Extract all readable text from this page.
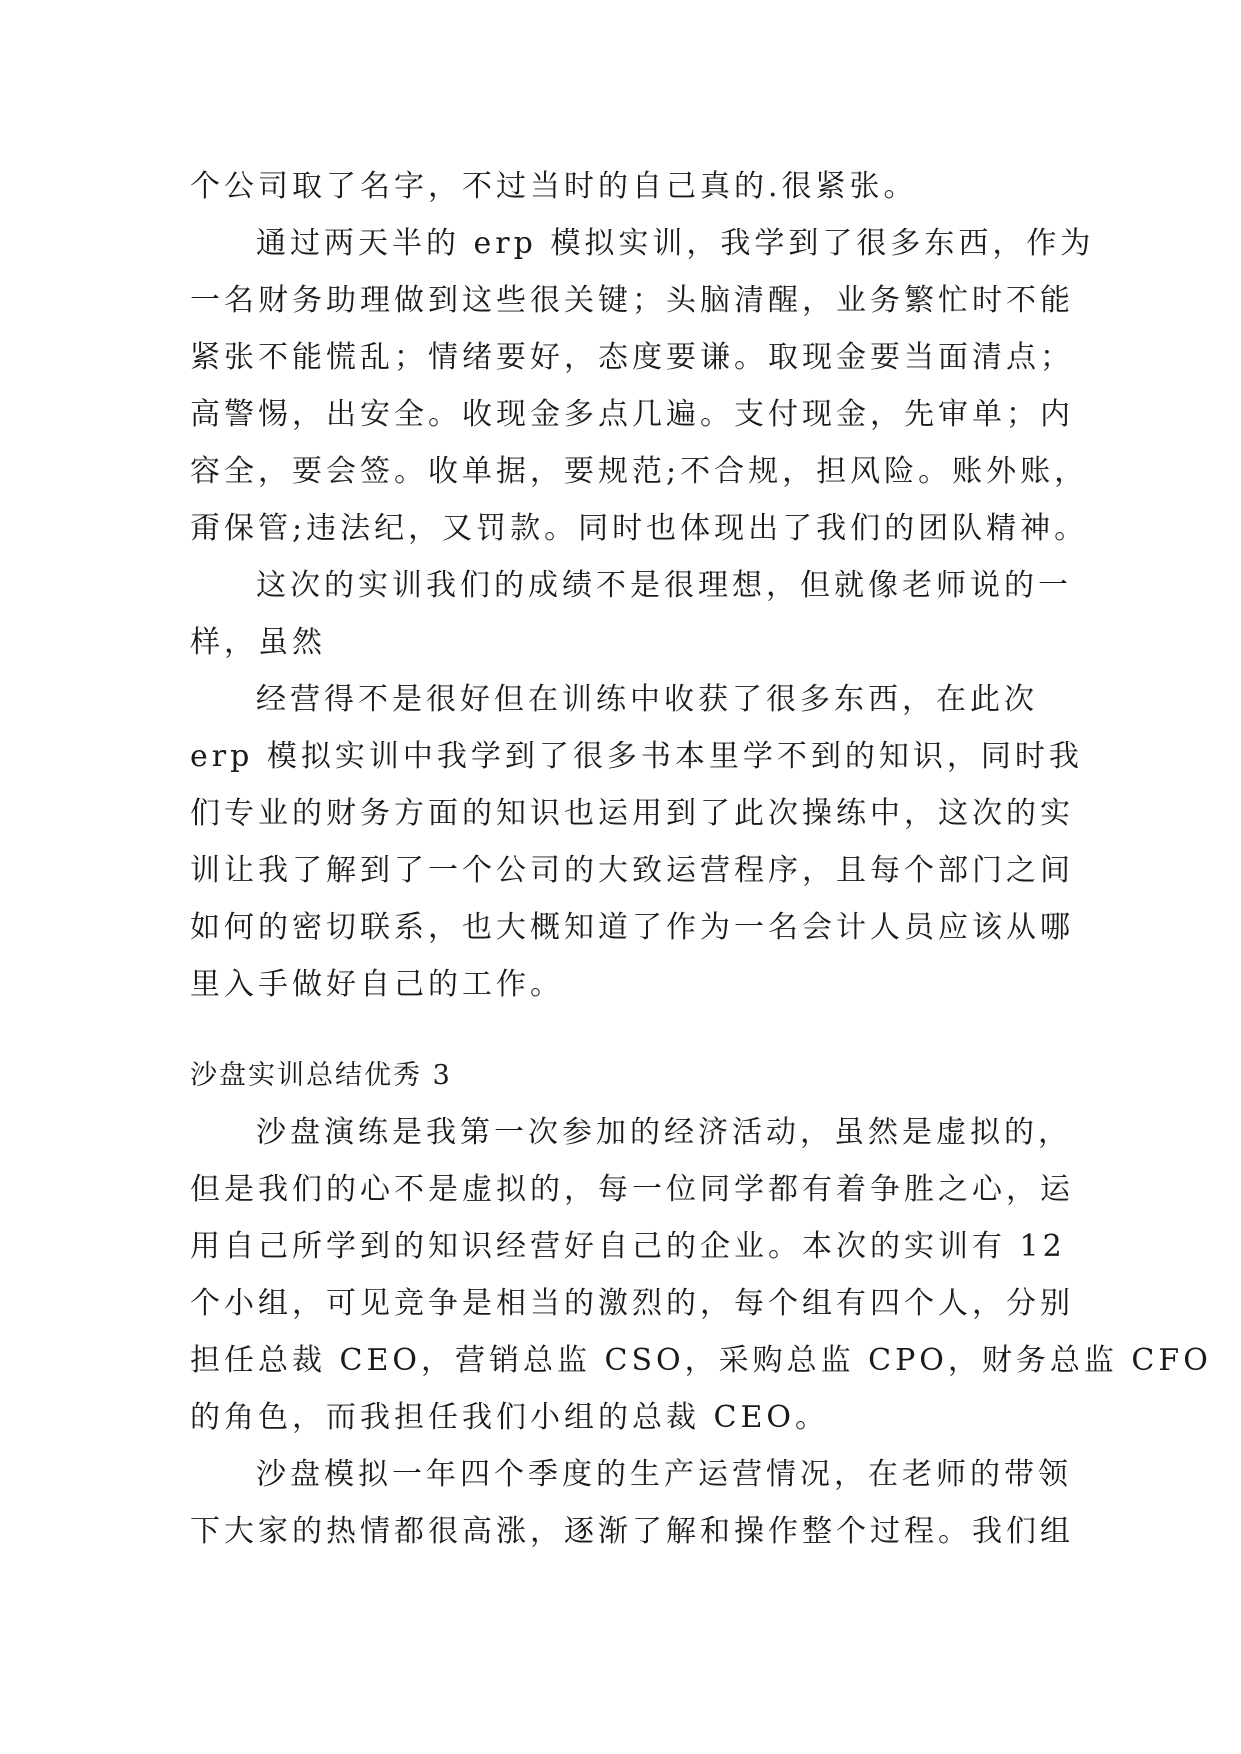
个公司取了名字，不过当时的自己真的.很紧张。
通过两天半的 erp 模拟实训，我学到了很多东西，作为
一名财务助理做到这些很关键；头脑清醒，业务繁忙时不能
紧张不能慌乱；情绪要好，态度要谦。取现金要当面清点；
高警惕，出安全。收现金多点几遍。支付现金，先审单；内
容全，要会签。收单据，要规范;不合规，担风险。账外账，
甭保管;违法纪，又罚款。同时也体现出了我们的团队精神。
这次的实训我们的成绩不是很理想，但就像老师说的一
样，虽然
经营得不是很好但在训练中收获了很多东西，在此次
erp 模拟实训中我学到了很多书本里学不到的知识，同时我
们专业的财务方面的知识也运用到了此次操练中，这次的实
训让我了解到了一个公司的大致运营程序，且每个部门之间
如何的密切联系，也大概知道了作为一名会计人员应该从哪
里入手做好自己的工作。
沙盘实训总结优秀 3
沙盘演练是我第一次参加的经济活动，虽然是虚拟的，
但是我们的心不是虚拟的，每一位同学都有着争胜之心，运
用自己所学到的知识经营好自己的企业。本次的实训有 12
个小组，可见竞争是相当的激烈的，每个组有四个人，分别
担任总裁 CEO，营销总监 CSO，采购总监 CPO，财务总监 CFO
的角色，而我担任我们小组的总裁 CEO。
沙盘模拟一年四个季度的生产运营情况，在老师的带领
下大家的热情都很高涨，逐渐了解和操作整个过程。我们组
